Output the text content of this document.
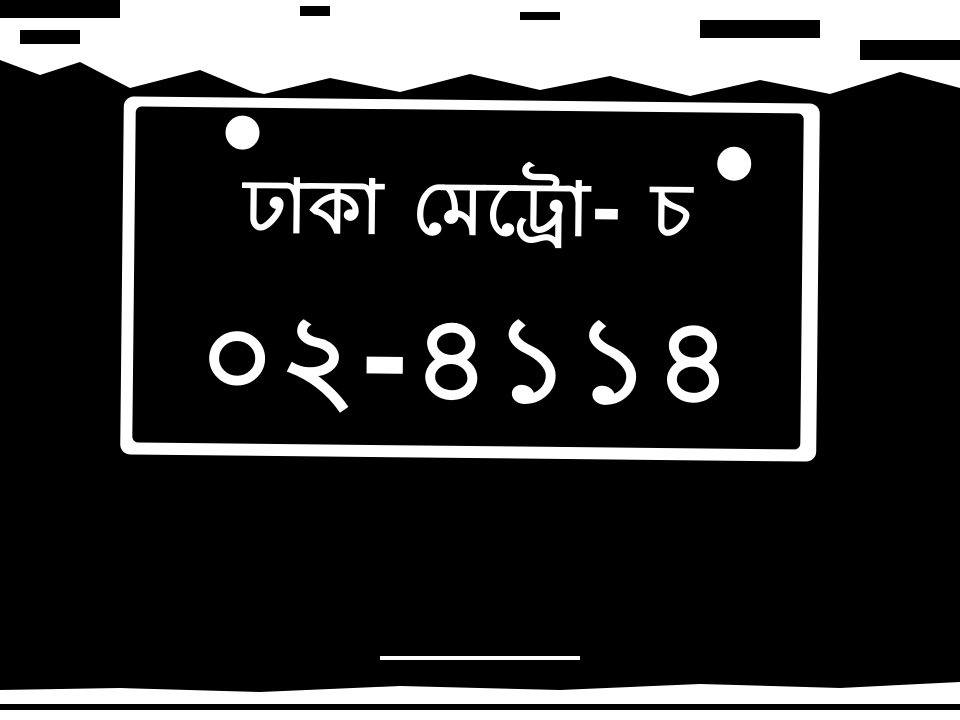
ঢাকা মেট্রো- চ
০২-৪১১৪
